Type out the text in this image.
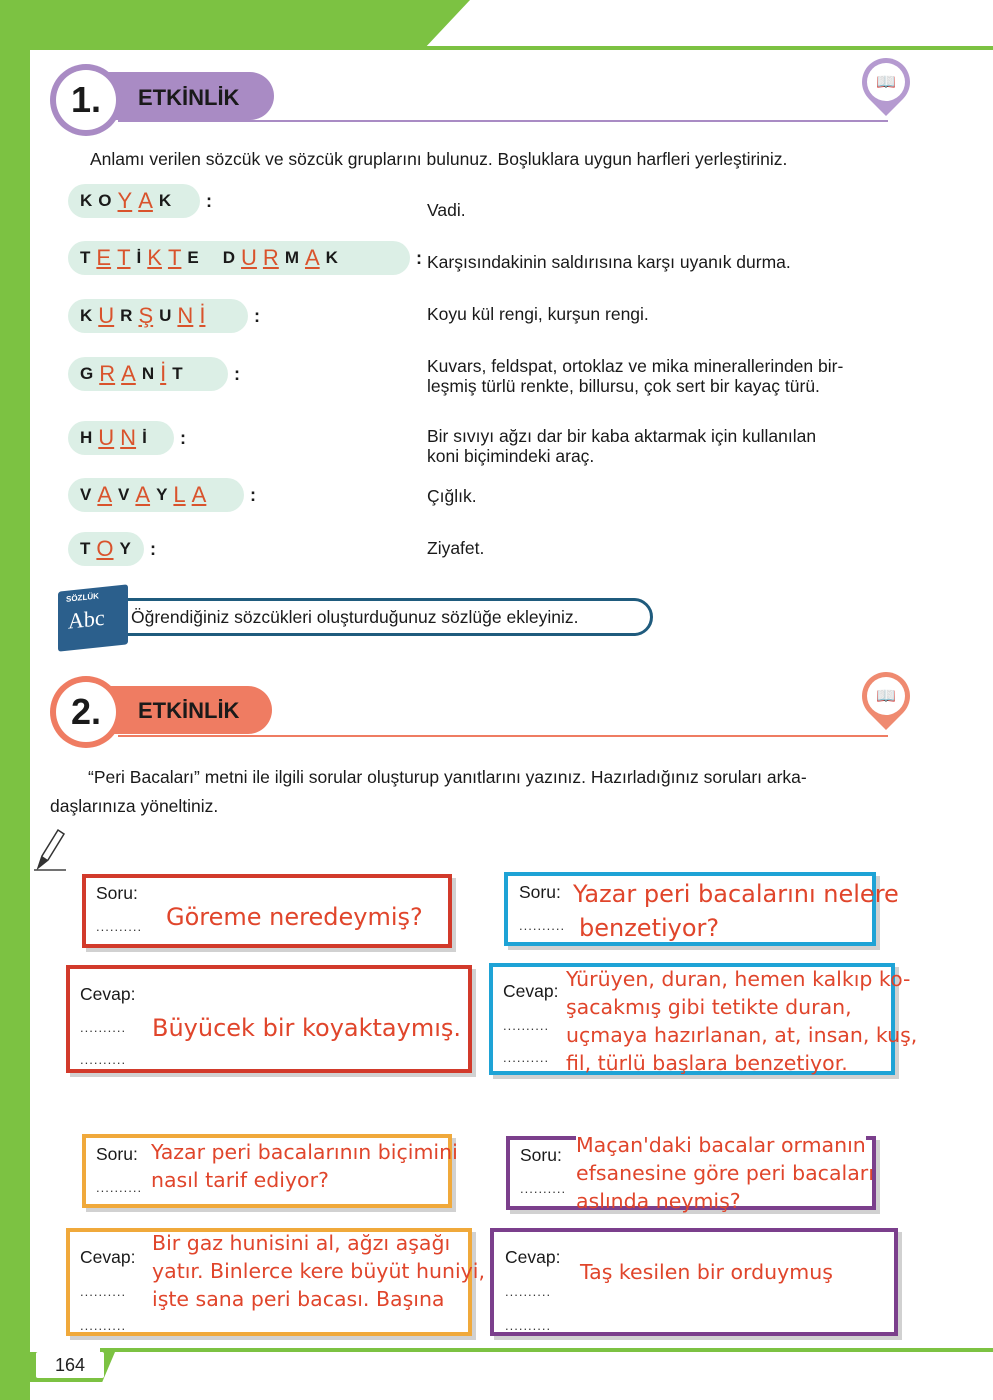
164
1.	ETKİNLİK
📖
Anlamı verilen sözcük ve sözcük gruplarını bulunuz. Boşluklara uygun harfleri yerleştiriniz.
K O Y A K :	Vadi.
T E T İ K T E D U R M A K	: Karşısındakinin saldırısına karşı uyanık durma.
K U R Ş U N İ	:	Koyu kül rengi, kurşun rengi.
G R A N İ T	:	Kuvars, feldspat, ortoklaz ve mika minerallerinden bir-
leşmiş türlü renkte, billursu, çok sert bir kayaç türü.
H U N İ :	Bir sıvıyı ağzı dar bir kaba aktarmak için kullanılan
koni biçimindeki araç.
V A V A Y L A :	Çığlık.
T O Y :	Ziyafet.
SÖZLÜK
Abc Öğrendiğiniz sözcükleri oluşturduğunuz sözlüğe ekleyiniz.
2.	ETKİNLİK
📖
“Peri Bacaları” metni ile ilgili sorular oluşturup yanıtlarını yazınız. Hazırladığınız soruları arka-
daşlarınıza yöneltiniz.
Soru:
.......... Göreme neredeymiş?
Cevap:
..........
..........
Büyücek bir koyaktaymış.
Soru:
..........
Yazar peri bacalarını nelere
benzetiyor?
Cevap:
..........
..........
Yürüyen, duran, hemen kalkıp ko-
şacakmış gibi tetikte duran,
uçmaya hazırlanan, at, insan, kuş,
fil, türlü başlara benzetiyor.
Soru:
..........
Yazar peri bacalarının biçimini
nasıl tarif ediyor?
Cevap:
..........
..........
Bir gaz hunisini al, ağzı aşağı
yatır. Binlerce kere büyüt huniyi,
işte sana peri bacası. Başına
Soru:
..........
Maçan'daki bacalar ormanın
efsanesine göre peri bacaları
aslında neymiş?
Cevap:
..........
..........
Taş kesilen bir orduymuş
